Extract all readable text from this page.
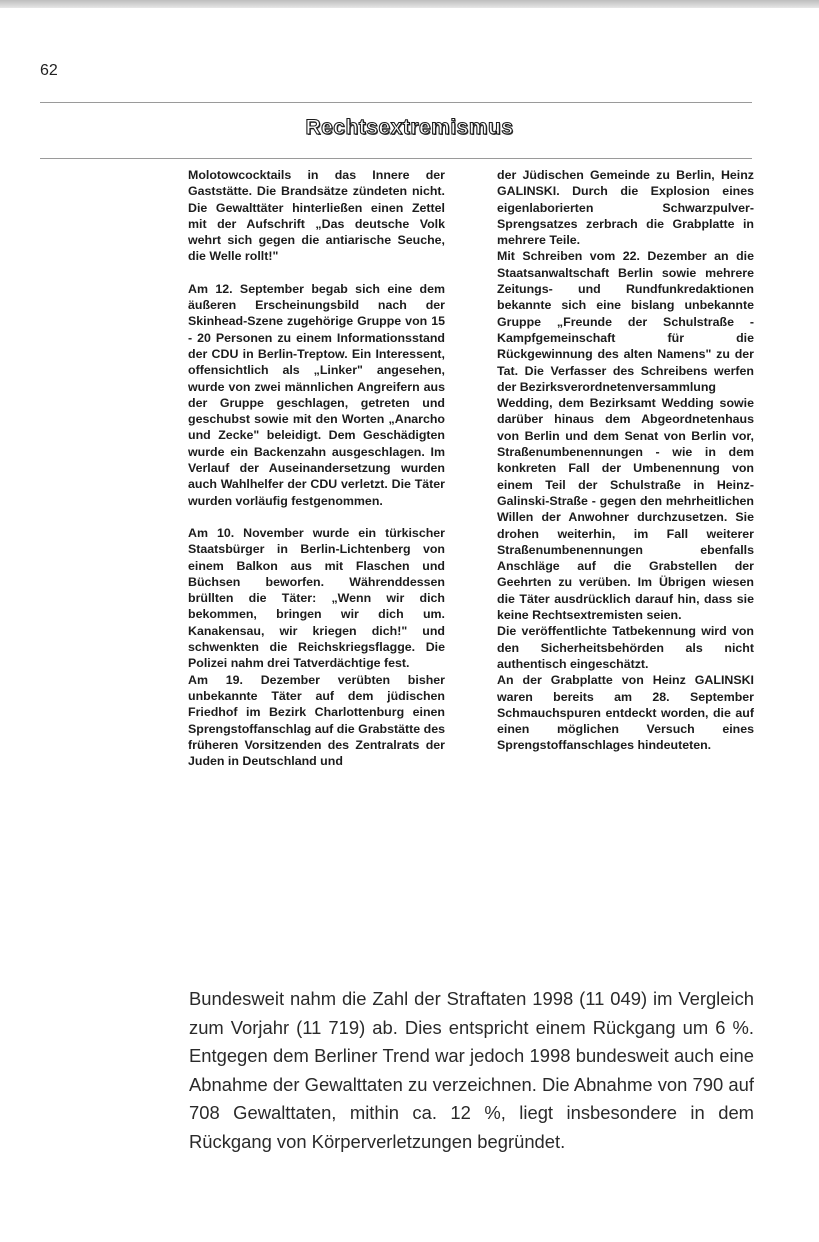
62
Rechtsextremismus

Molotowcocktails in das Innere der Gaststätte. Die Brandsätze zündeten nicht. Die Gewalttäter hinterließen einen Zettel mit der Aufschrift „Das deutsche Volk wehrt sich gegen die antiarische Seuche, die Welle rollt!"

Am 12. September begab sich eine dem äußeren Erscheinungsbild nach der Skinhead-Szene zugehörige Gruppe von 15 - 20 Personen zu einem Informationsstand der CDU in Berlin-Treptow. Ein Interessent, offensichtlich als „Linker" angesehen, wurde von zwei männlichen Angreifern aus der Gruppe geschlagen, getreten und geschubst sowie mit den Worten „Anarcho und Zecke" beleidigt. Dem Geschädigten wurde ein Backenzahn ausgeschlagen. Im Verlauf der Auseinandersetzung wurden auch Wahlhelfer der CDU verletzt. Die Täter wurden vorläufig festgenommen.

Am 10. November wurde ein türkischer Staatsbürger in Berlin-Lichtenberg von einem Balkon aus mit Flaschen und Büchsen beworfen. Währenddessen brüllten die Täter: „Wenn wir dich bekommen, bringen wir dich um. Kanakensau, wir kriegen dich!" und schwenkten die Reichskriegsflagge. Die Polizei nahm drei Tatverdächtige fest.

Am 19. Dezember verübten bisher unbekannte Täter auf dem jüdischen Friedhof im Bezirk Charlottenburg einen Sprengstoffanschlag auf die Grabstätte des früheren Vorsitzenden des Zentralrats der Juden in Deutschland und

der Jüdischen Gemeinde zu Berlin, Heinz GALINSKI. Durch die Explosion eines eigenlaborierten Schwarzpulver-Sprengsatzes zerbrach die Grabplatte in mehrere Teile.

Mit Schreiben vom 22. Dezember an die Staatsanwaltschaft Berlin sowie mehrere Zeitungs- und Rundfunkredaktionen bekannte sich eine bislang unbekannte Gruppe „Freunde der Schulstraße - Kampfgemeinschaft für die Rückgewinnung des alten Namens" zu der Tat. Die Verfasser des Schreibens werfen der Bezirksverordnetenversammlung

Wedding, dem Bezirksamt Wedding sowie darüber hinaus dem Abgeordnetenhaus von Berlin und dem Senat von Berlin vor, Straßenumbenennungen - wie in dem konkreten Fall der Umbenennung von einem Teil der Schulstraße in Heinz-Galinski-Straße - gegen den mehrheitlichen Willen der Anwohner durchzusetzen. Sie drohen weiterhin, im Fall weiterer Straßenumbenennungen ebenfalls Anschläge auf die Grabstellen der Geehrten zu verüben. Im Übrigen wiesen die Täter ausdrücklich darauf hin, dass sie keine Rechtsextremisten seien.

Die veröffentlichte Tatbekennung wird von den Sicherheitsbehörden als nicht authentisch eingeschätzt.

An der Grabplatte von Heinz GALINSKI waren bereits am 28. September Schmauchspuren entdeckt worden, die auf einen möglichen Versuch eines Sprengstoffanschlages hindeuteten.

Bundesweit nahm die Zahl der Straftaten 1998 (11 049) im Vergleich zum Vorjahr (11 719) ab. Dies entspricht einem Rückgang um 6 %. Entgegen dem Berliner Trend war jedoch 1998 bundesweit auch eine Abnahme der Gewalttaten zu verzeichnen. Die Abnahme von 790 auf 708 Gewalttaten, mithin ca. 12 %, liegt insbesondere in dem Rückgang von Körperverletzungen begründet.
